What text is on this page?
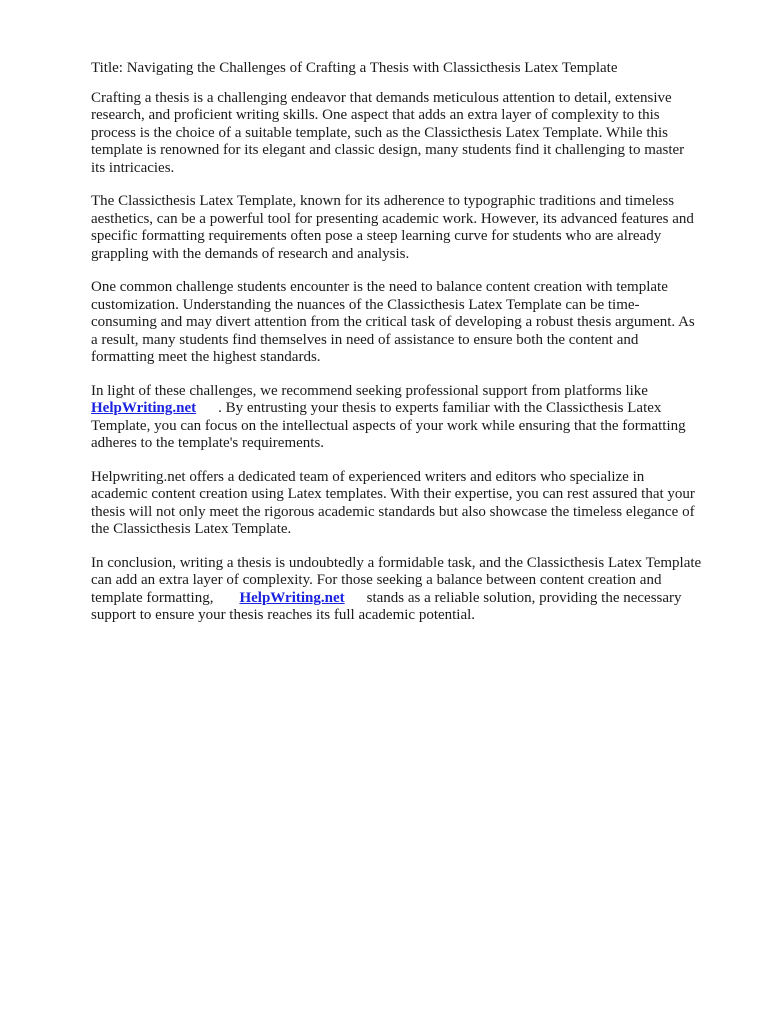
Title: Navigating the Challenges of Crafting a Thesis with Classicthesis Latex Template

Crafting a thesis is a challenging endeavor that demands meticulous attention to detail, extensive
research, and proficient writing skills. One aspect that adds an extra layer of complexity to this
process is the choice of a suitable template, such as the Classicthesis Latex Template. While this
template is renowned for its elegant and classic design, many students find it challenging to master
its intricacies.

The Classicthesis Latex Template, known for its adherence to typographic traditions and timeless
aesthetics, can be a powerful tool for presenting academic work. However, its advanced features and
specific formatting requirements often pose a steep learning curve for students who are already
grappling with the demands of research and analysis.

One common challenge students encounter is the need to balance content creation with template
customization. Understanding the nuances of the Classicthesis Latex Template can be time-
consuming and may divert attention from the critical task of developing a robust thesis argument. As
a result, many students find themselves in need of assistance to ensure both the content and
formatting meet the highest standards.

In light of these challenges, we recommend seeking professional support from platforms like
HelpWriting.net . By entrusting your thesis to experts familiar with the Classicthesis Latex
Template, you can focus on the intellectual aspects of your work while ensuring that the formatting
adheres to the template's requirements.

Helpwriting.net offers a dedicated team of experienced writers and editors who specialize in
academic content creation using Latex templates. With their expertise, you can rest assured that your
thesis will not only meet the rigorous academic standards but also showcase the timeless elegance of
the Classicthesis Latex Template.

In conclusion, writing a thesis is undoubtedly a formidable task, and the Classicthesis Latex Template
can add an extra layer of complexity. For those seeking a balance between content creation and
template formatting, HelpWriting.net stands as a reliable solution, providing the necessary
support to ensure your thesis reaches its full academic potential.
